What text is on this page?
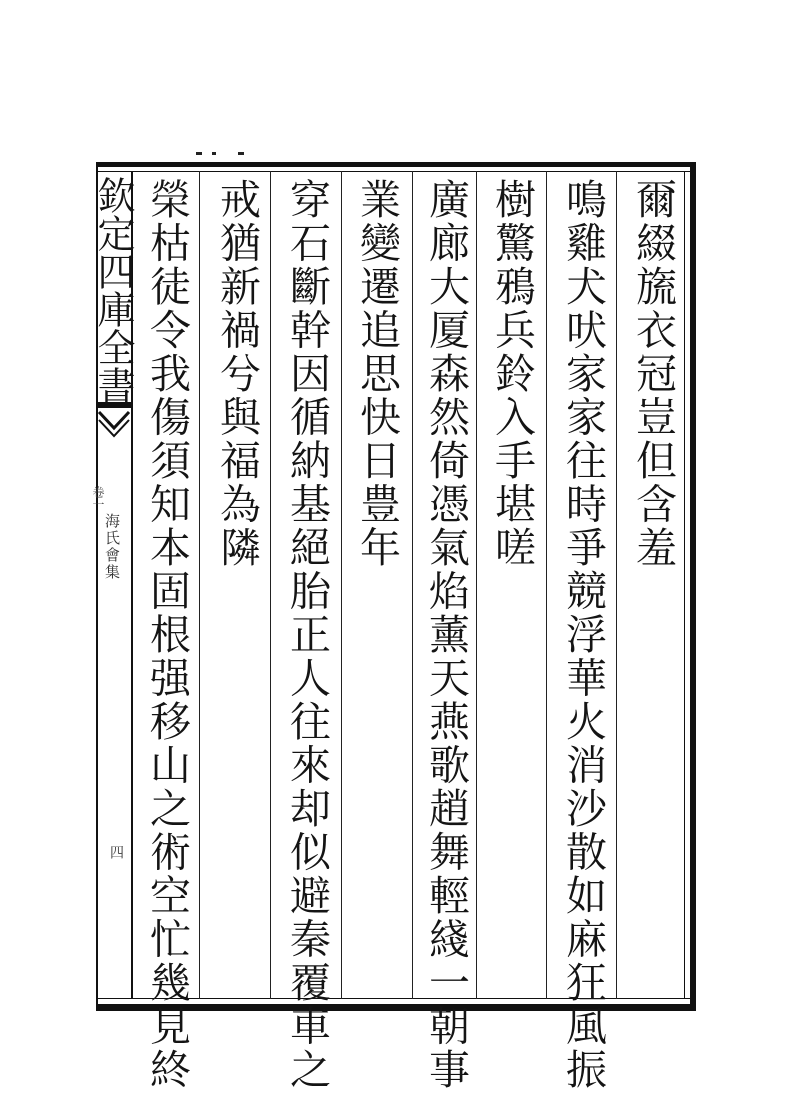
欽定四庫全書
海氏會集
卷一
四
爾綴旒衣冠豈但含羞
鳴雞犬吠家家往時爭競浮華火消沙散如麻狂風振
樹驚鴉兵鈴入手堪嗟
廣廊大厦森然倚憑氣焰薰天燕歌趙舞輕綫一朝事
業變遷追思快日豊年
穿石斷幹因循納基絕胎正人往來却似避秦覆車之
戒猶新禍兮與福為隣
榮枯徒令我傷須知本固根强移山之術空忙幾見終
